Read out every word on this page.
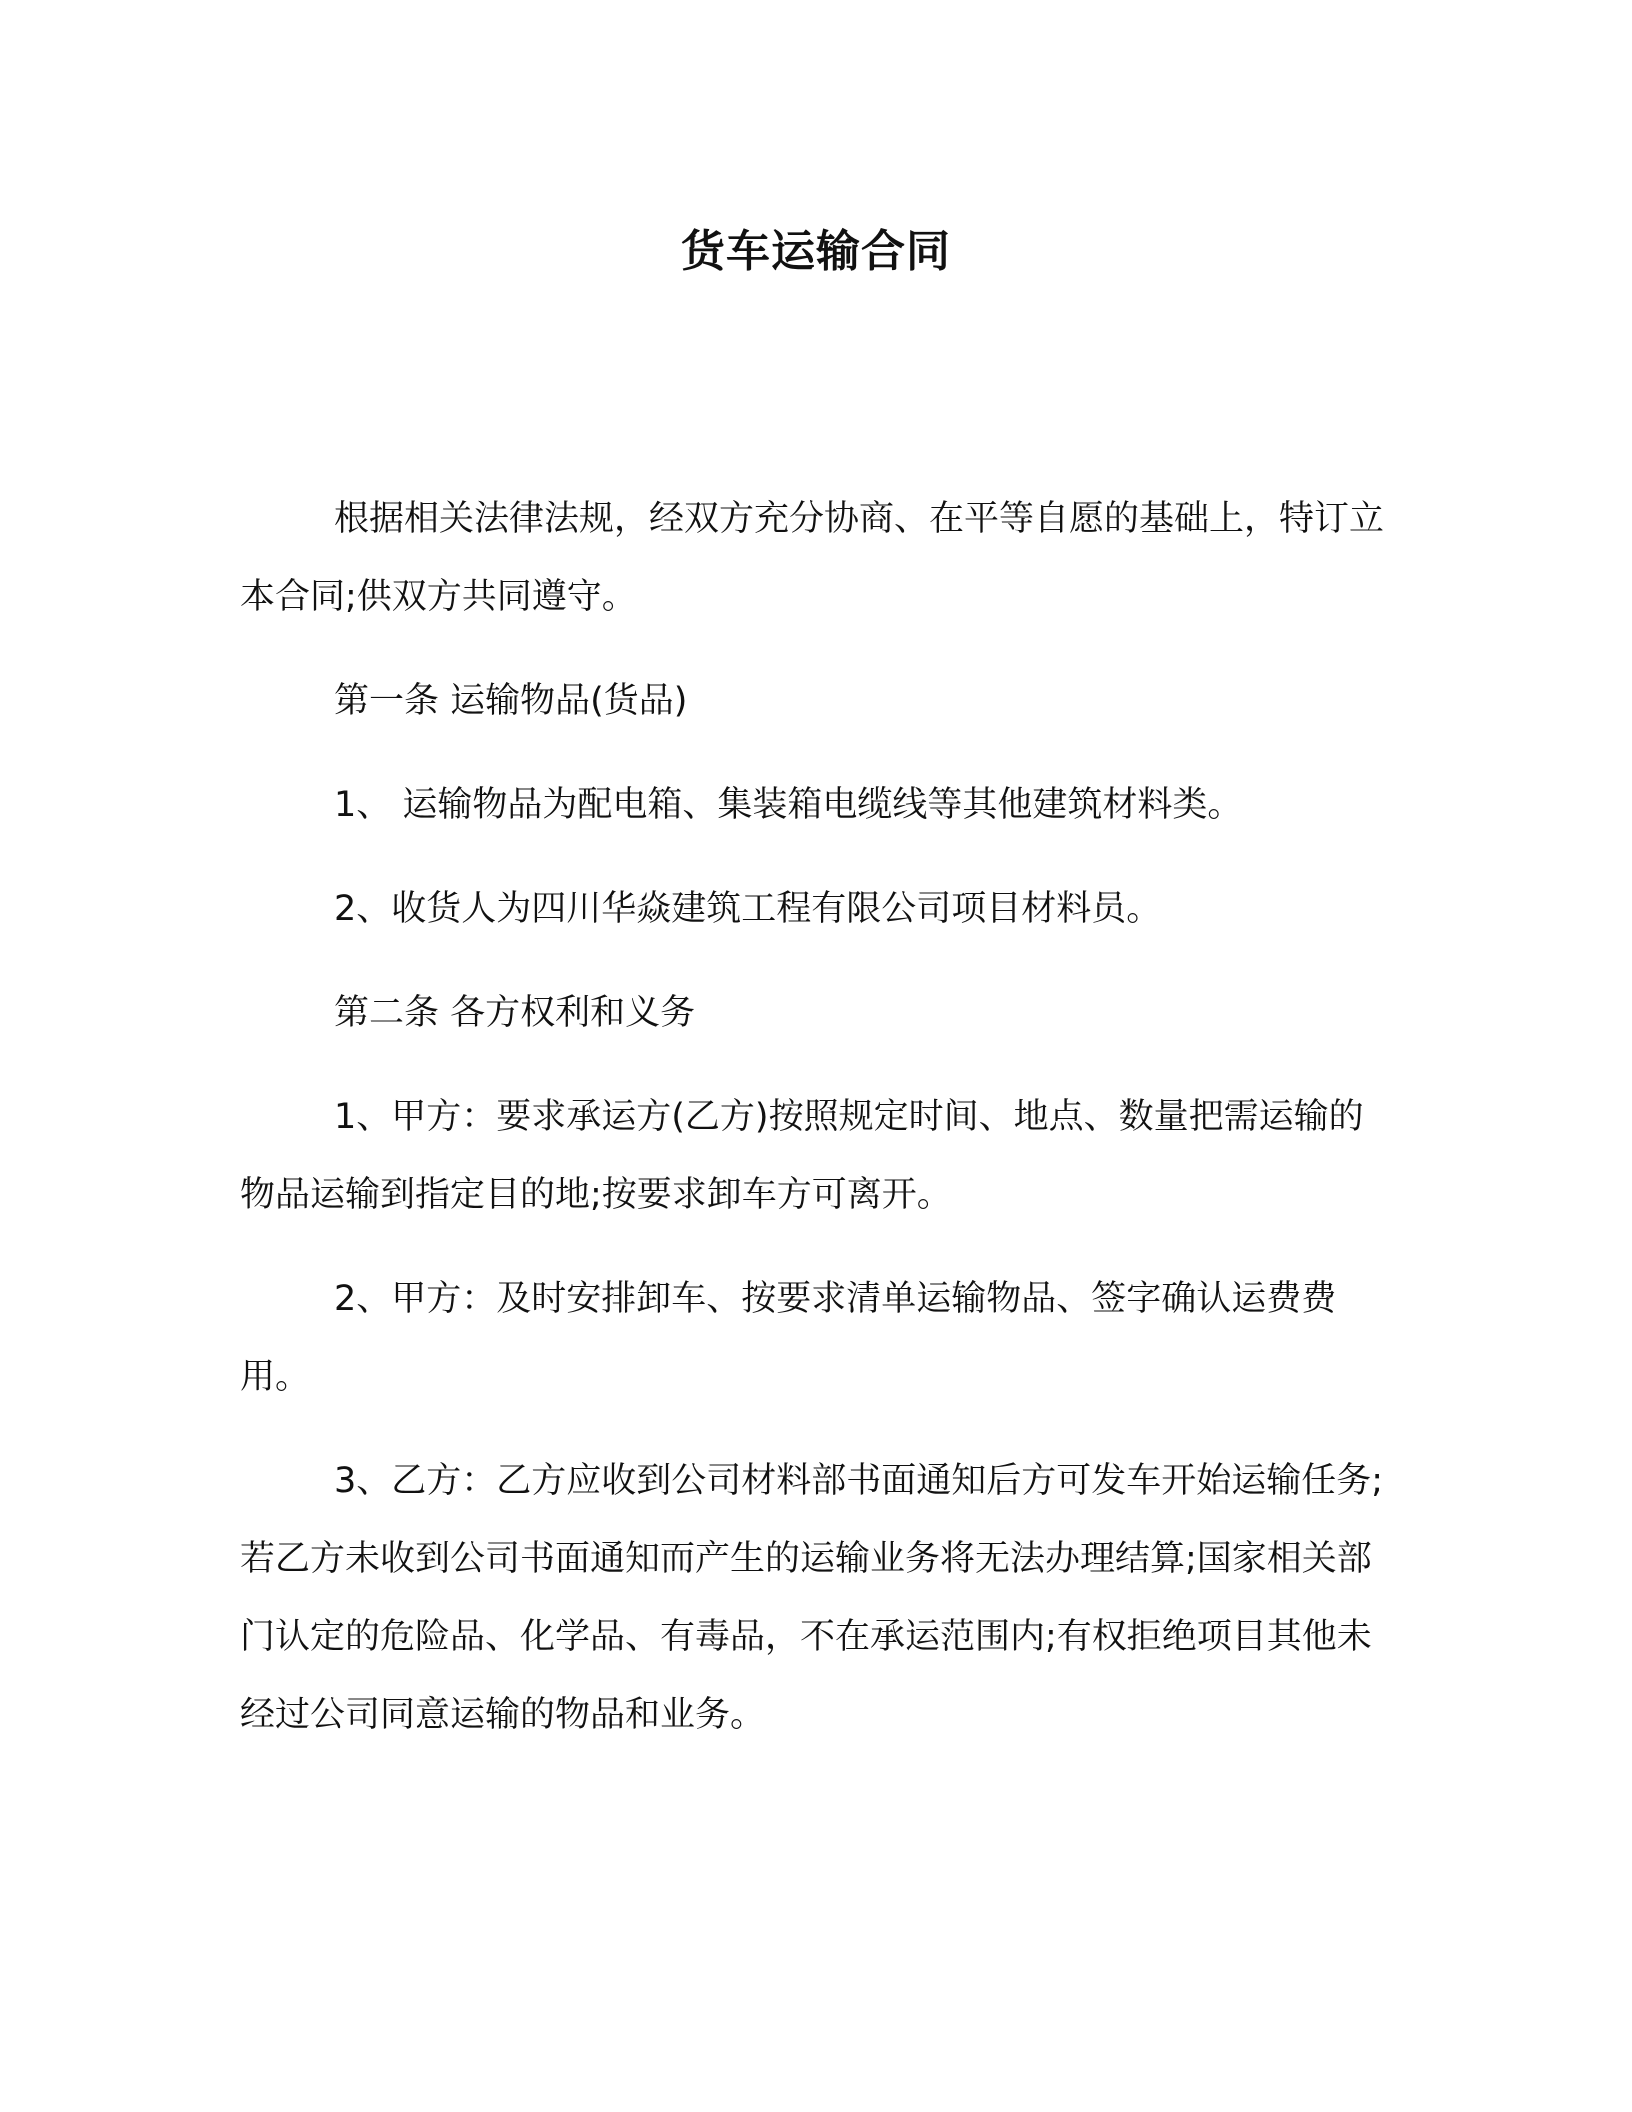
货车运输合同

根据相关法律法规，经双方充分协商、在平等自愿的基础上，特订立本合同;供双方共同遵守。

第一条 运输物品(货品)

1、 运输物品为配电箱、集装箱电缆线等其他建筑材料类。

2、收货人为四川华焱建筑工程有限公司项目材料员。

第二条 各方权利和义务

1、甲方：要求承运方(乙方)按照规定时间、地点、数量把需运输的物品运输到指定目的地;按要求卸车方可离开。

2、甲方：及时安排卸车、按要求清单运输物品、签字确认运费费用。

3、乙方：乙方应收到公司材料部书面通知后方可发车开始运输任务;若乙方未收到公司书面通知而产生的运输业务将无法办理结算;国家相关部门认定的危险品、化学品、有毒品，不在承运范围内;有权拒绝项目其他未经过公司同意运输的物品和业务。
